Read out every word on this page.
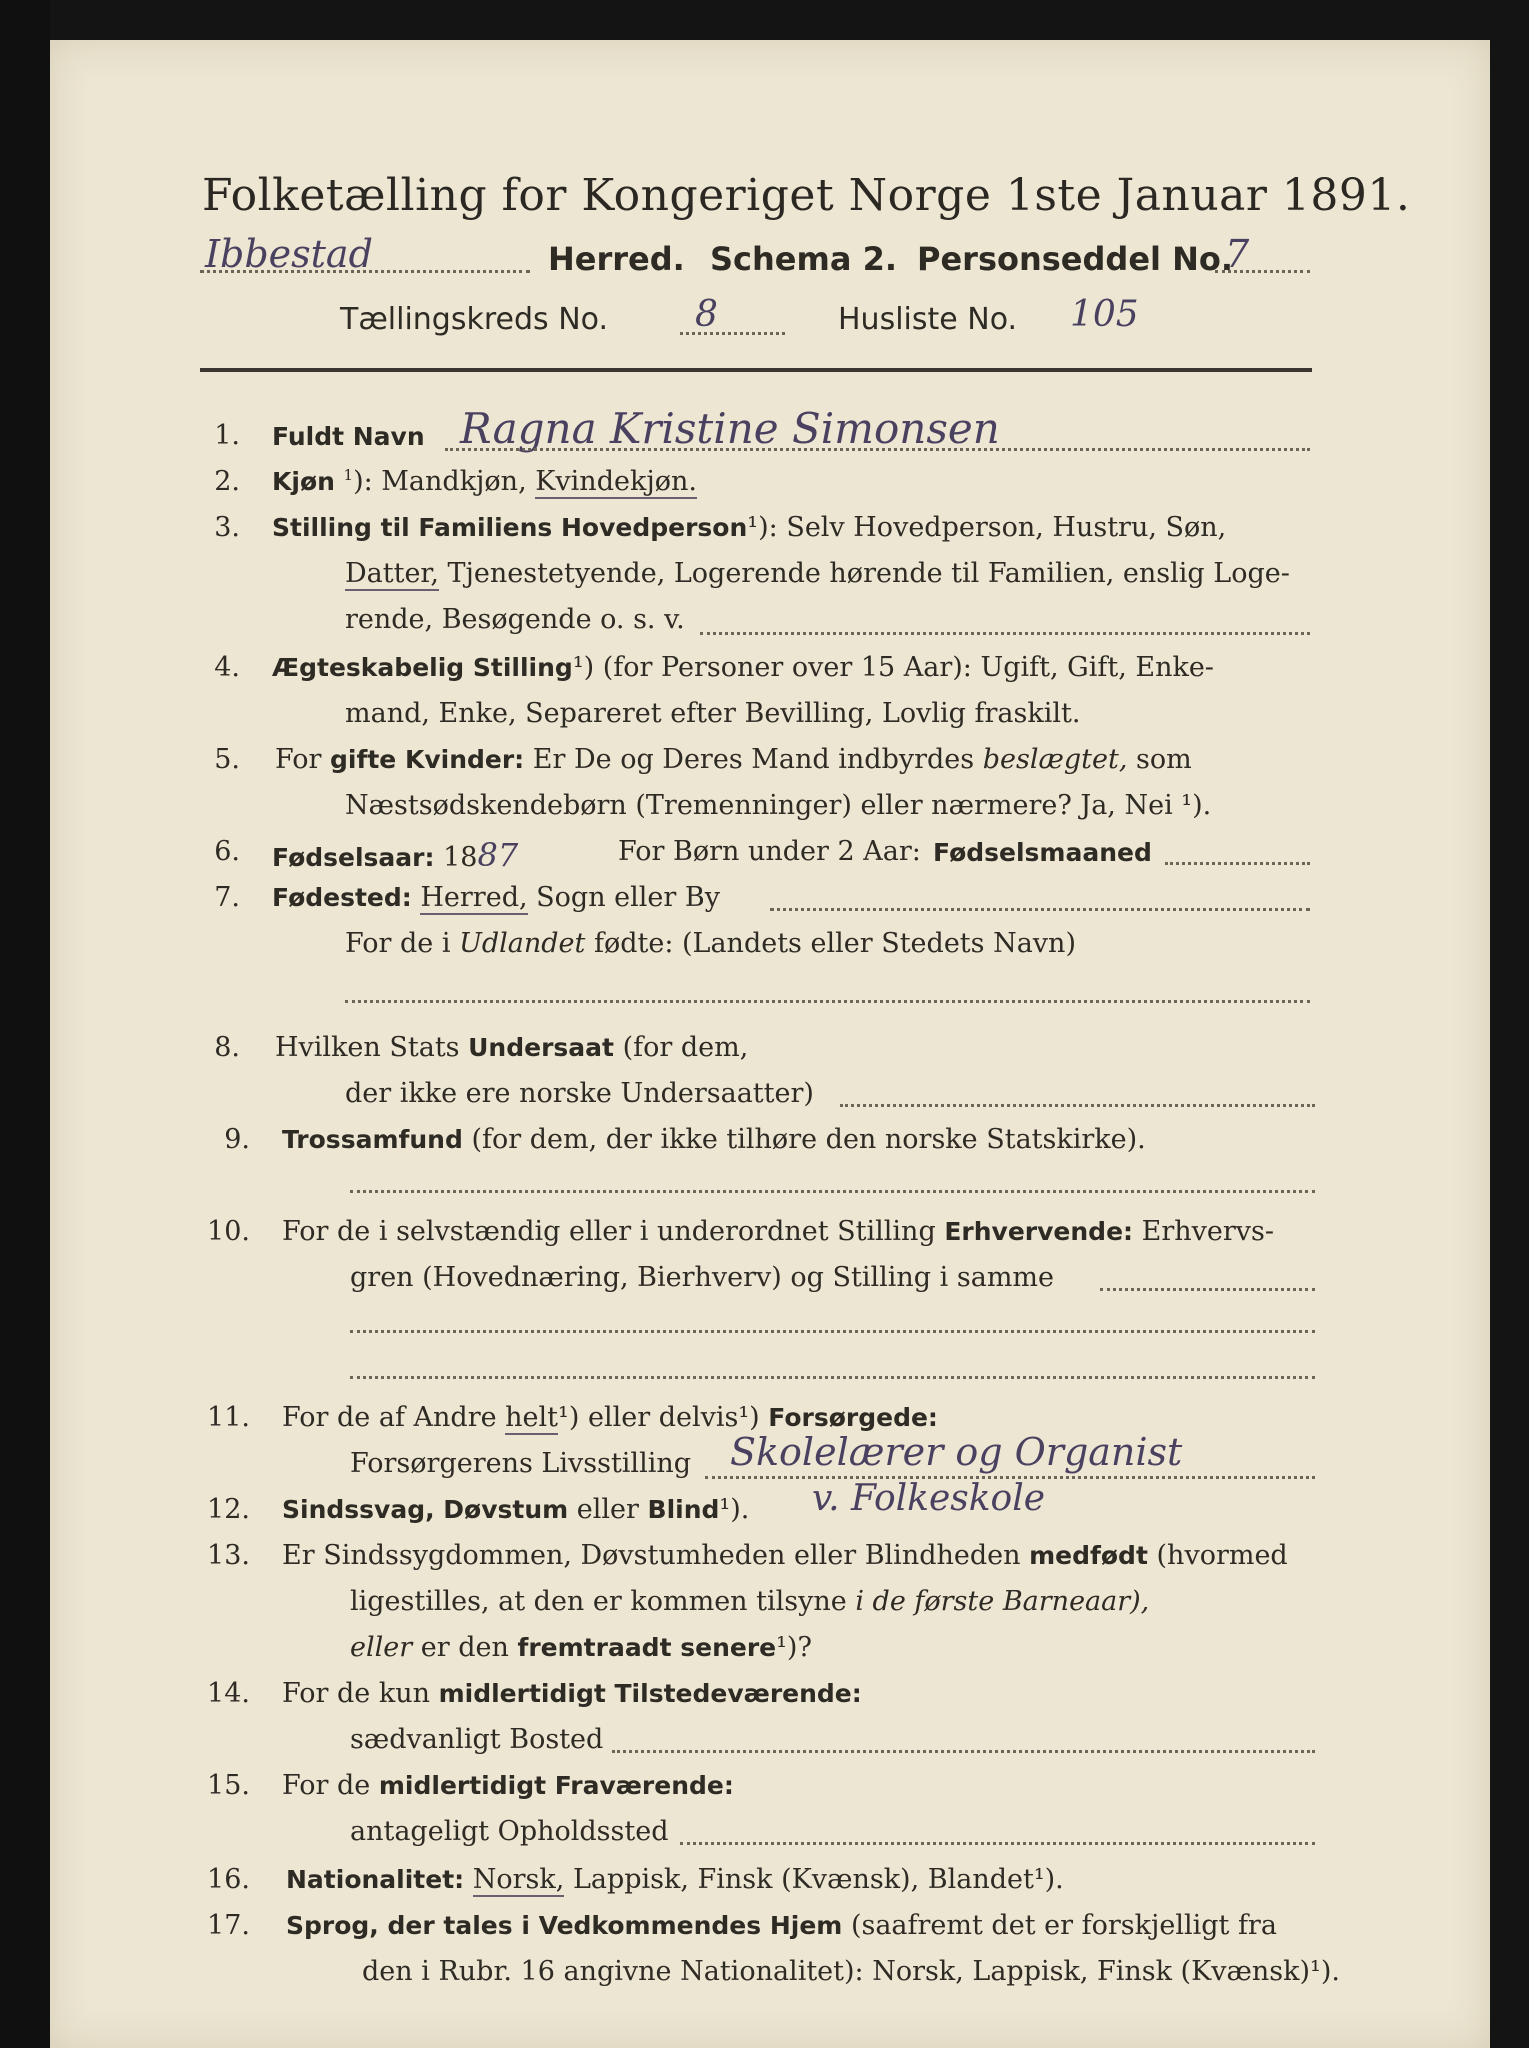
Folketælling for Kongeriget Norge 1ste Januar 1891.
Ibbestad	Herred. Schema 2. Personseddel No.
7
Tællingskreds No. 8	Husliste No. 105
1. Fuldt Navn Ragna Kristine Simonsen
2. Kjøn $^1$): Mandkjøn, Kvindekjøn.
3. Stilling til Familiens Hovedperson¹): Selv Hovedperson, Hustru, Søn,
Datter, Tjenestetyende, Logerende hørende til Familien, enslig Loge-
rende, Besøgende o. s. v.
4. Ægteskabelig Stilling¹) (for Personer over 15 Aar): Ugift, Gift, Enke-
mand, Enke, Separeret efter Bevilling, Lovlig fraskilt.
5. For gifte Kvinder: Er De og Deres Mand indbyrdes beslægtet, som
Næstsødskendebørn (Tremenninger) eller nærmere? Ja, Nei ¹).
6. Fødselsaar: 1887	For Børn under 2 Aar: Fødselsmaaned
7. Fødested: Herred, Sogn eller By
For de i Udlandet fødte: (Landets eller Stedets Navn)
8. Hvilken Stats Undersaat (for dem,
der ikke ere norske Undersaatter)
9. Trossamfund (for dem, der ikke tilhøre den norske Statskirke).
10. For de i selvstændig eller i underordnet Stilling Erhvervende: Erhvervs-
gren (Hovednæring, Bierhverv) og Stilling i samme
11. For de af Andre helt¹) eller delvis¹) Forsørgede:
Forsørgerens Livsstilling Skolelærer og Organist
12. Sindssvag, Døvstum eller Blind¹). v. Folkeskole
13. Er Sindssygdommen, Døvstumheden eller Blindheden medfødt (hvormed
ligestilles, at den er kommen tilsyne i de første Barneaar),
eller er den fremtraadt senere¹)?
14. For de kun midlertidigt Tilstedeværende:
sædvanligt Bosted
15. For de midlertidigt Fraværende:
antageligt Opholdssted
16. Nationalitet: Norsk, Lappisk, Finsk (Kvænsk), Blandet¹).
17. Sprog, der tales i Vedkommendes Hjem (saafremt det er forskjelligt fra
den i Rubr. 16 angivne Nationalitet): Norsk, Lappisk, Finsk (Kvænsk)¹).
